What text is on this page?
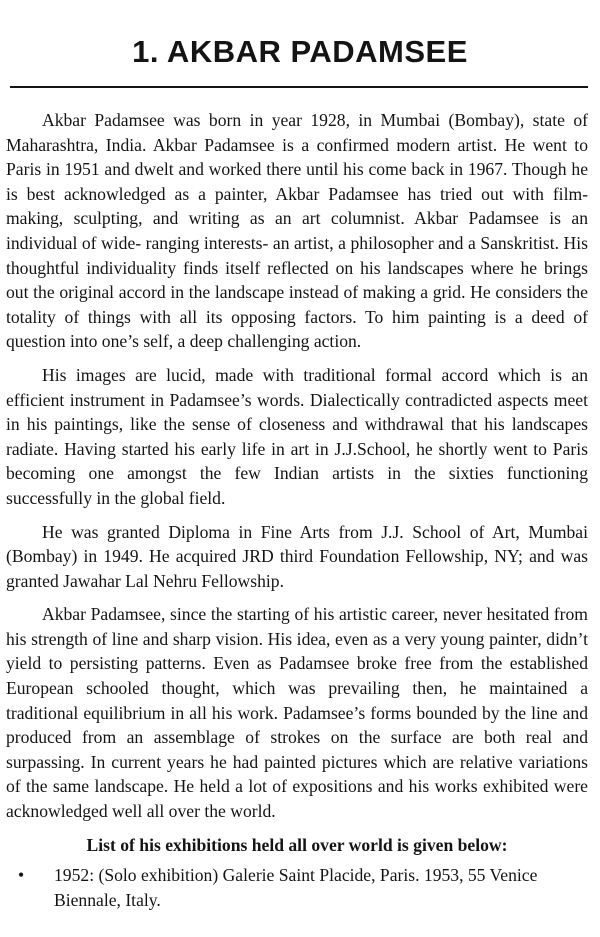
1. AKBAR PADAMSEE

Akbar Padamsee was born in year 1928, in Mumbai (Bombay), state of Maharashtra, India. Akbar Padamsee is a confirmed modern artist. He went to Paris in 1951 and dwelt and worked there until his come back in 1967. Though he is best acknowledged as a painter, Akbar Padamsee has tried out with film-making, sculpting, and writing as an art columnist. Akbar Padamsee is an individual of wide- ranging interests- an artist, a philosopher and a Sanskritist. His thoughtful individuality finds itself reflected on his landscapes where he brings out the original accord in the landscape instead of making a grid. He considers the totality of things with all its opposing factors. To him painting is a deed of question into one’s self, a deep challenging action.

His images are lucid, made with traditional formal accord which is an efficient instrument in Padamsee’s words. Dialectically contradicted aspects meet in his paintings, like the sense of closeness and withdrawal that his landscapes radiate. Having started his early life in art in J.J.School, he shortly went to Paris becoming one amongst the few Indian artists in the sixties functioning successfully in the global field.

He was granted Diploma in Fine Arts from J.J. School of Art, Mumbai (Bombay) in 1949. He acquired JRD third Foundation Fellowship, NY; and was granted Jawahar Lal Nehru Fellowship.

Akbar Padamsee, since the starting of his artistic career, never hesitated from his strength of line and sharp vision. His idea, even as a very young painter, didn’t yield to persisting patterns. Even as Padamsee broke free from the established European schooled thought, which was prevailing then, he maintained a traditional equilibrium in all his work. Padamsee’s forms bounded by the line and produced from an assemblage of strokes on the surface are both real and surpassing. In current years he had painted pictures which are relative variations of the same landscape. He held a lot of expositions and his works exhibited were acknowledged well all over the world.

List of his exhibitions held all over world is given below:
• 1952: (Solo exhibition) Galerie Saint Placide, Paris. 1953, 55 Venice Biennale, Italy.
